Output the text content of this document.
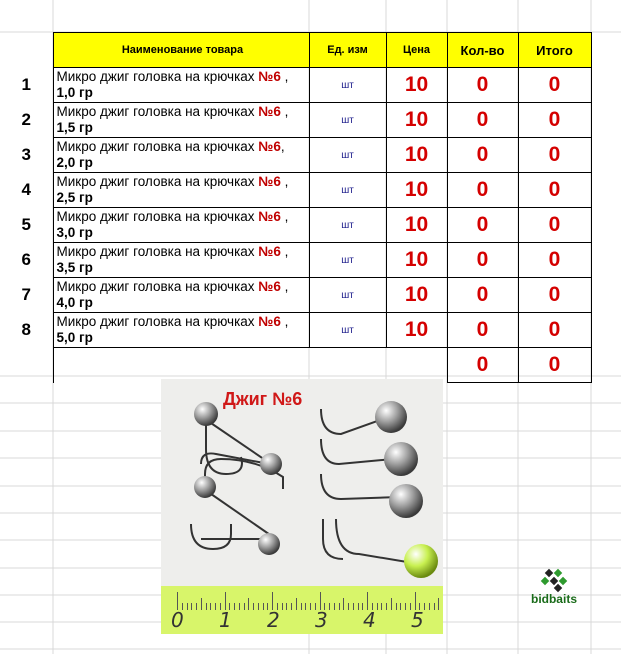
	Наименование товара	Ед. изм	Цена	Кол-во	Итого
1	Микро джиг головка на крючках №6 ,
1,0 гр	шт	10	0	0
2	Микро джиг головка на крючках №6 ,
1,5 гр	шт	10	0	0
3	Микро джиг головка на крючках №6,
2,0 гр	шт	10	0	0
4	Микро джиг головка на крючках №6 ,
2,5 гр	шт	10	0	0
5	Микро джиг головка на крючках №6 ,
3,0 гр	шт	10	0	0
6	Микро джиг головка на крючках №6 ,
3,5 гр	шт	10	0	0
7	Микро джиг головка на крючках №6 ,
4,0 гр	шт	10	0	0
8	Микро джиг головка на крючках №6 ,
5,0 гр	шт	10	0	0
				0	0
Джиг №6
0 1 2 3 4 5
bidbaits
